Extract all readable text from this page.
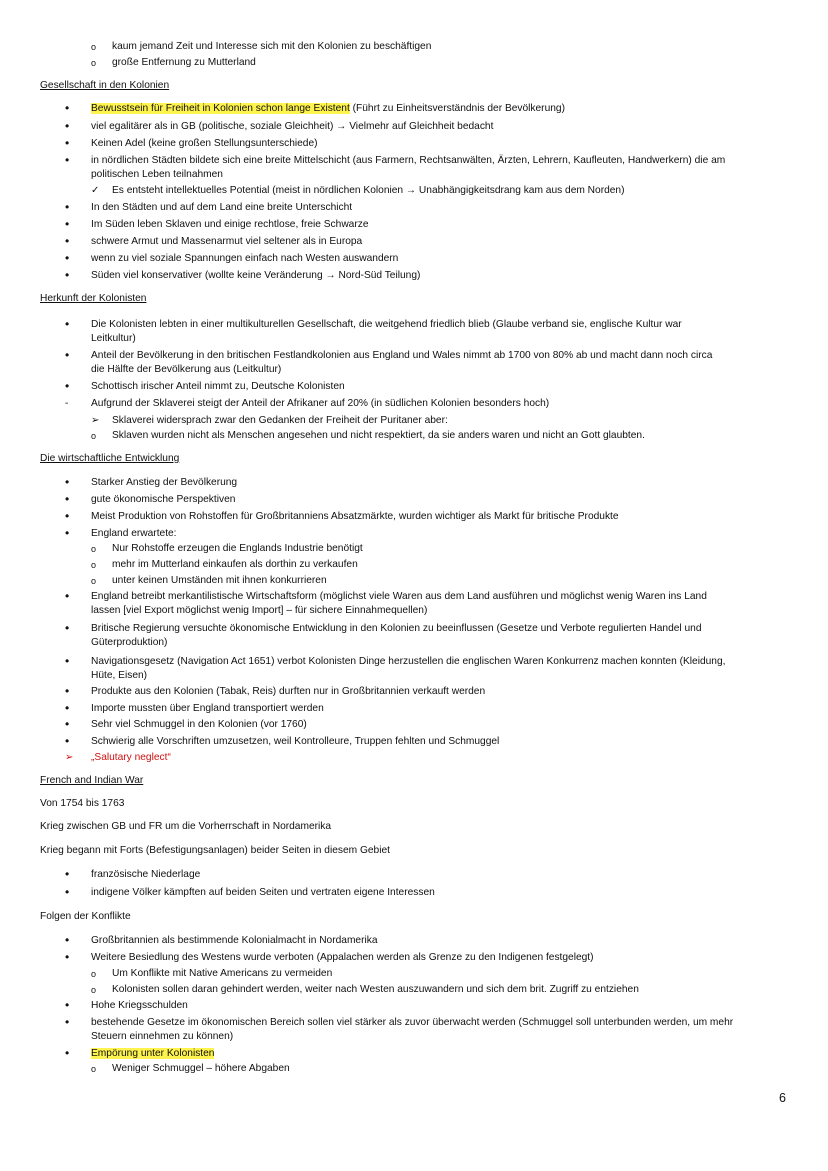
o kaum jemand Zeit und Interesse sich mit den Kolonien zu beschäftigen
o große Entfernung zu Mutterland
Gesellschaft in den Kolonien
• Bewusstsein für Freiheit in Kolonien schon lange Existent (Führt zu Einheitsverständnis der Bevölkerung)
• viel egalitärer als in GB (politische, soziale Gleichheit) → Vielmehr auf Gleichheit bedacht
• Keinen Adel (keine großen Stellungsunterschiede)
• in nördlichen Städten bildete sich eine breite Mittelschicht (aus Farmern, Rechtsanwälten, Ärzten, Lehrern, Kaufleuten, Handwerkern) die am
politischen Leben teilnahmen
✓ Es entsteht intellektuelles Potential (meist in nördlichen Kolonien → Unabhängigkeitsdrang kam aus dem Norden)
• In den Städten und auf dem Land eine breite Unterschicht
• Im Süden leben Sklaven und einige rechtlose, freie Schwarze
• schwere Armut und Massenarmut viel seltener als in Europa
• wenn zu viel soziale Spannungen einfach nach Westen auswandern
• Süden viel konservativer (wollte keine Veränderung → Nord-Süd Teilung)
Herkunft der Kolonisten
• Die Kolonisten lebten in einer multikulturellen Gesellschaft, die weitgehend friedlich blieb (Glaube verband sie, englische Kultur war
Leitkultur)
• Anteil der Bevölkerung in den britischen Festlandkolonien aus England und Wales nimmt ab 1700 von 80% ab und macht dann noch circa
die Hälfte der Bevölkerung aus (Leitkultur)
• Schottisch irischer Anteil nimmt zu, Deutsche Kolonisten
- Aufgrund der Sklaverei steigt der Anteil der Afrikaner auf 20% (in südlichen Kolonien besonders hoch)
➢ Sklaverei widersprach zwar den Gedanken der Freiheit der Puritaner aber:
o Sklaven wurden nicht als Menschen angesehen und nicht respektiert, da sie anders waren und nicht an Gott glaubten.
Die wirtschaftliche Entwicklung
• Starker Anstieg der Bevölkerung
• gute ökonomische Perspektiven
• Meist Produktion von Rohstoffen für Großbritanniens Absatzmärkte, wurden wichtiger als Markt für britische Produkte
• England erwartete:
o Nur Rohstoffe erzeugen die Englands Industrie benötigt
o mehr im Mutterland einkaufen als dorthin zu verkaufen
o unter keinen Umständen mit ihnen konkurrieren
• England betreibt merkantilistische Wirtschaftsform (möglichst viele Waren aus dem Land ausführen und möglichst wenig Waren ins Land
lassen [viel Export möglichst wenig Import] – für sichere Einnahmequellen)
• Britische Regierung versuchte ökonomische Entwicklung in den Kolonien zu beeinflussen (Gesetze und Verbote regulierten Handel und
Güterproduktion)
• Navigationsgesetz (Navigation Act 1651) verbot Kolonisten Dinge herzustellen die englischen Waren Konkurrenz machen konnten (Kleidung,
Hüte, Eisen)
• Produkte aus den Kolonien (Tabak, Reis) durften nur in Großbritannien verkauft werden
• Importe mussten über England transportiert werden
• Sehr viel Schmuggel in den Kolonien (vor 1760)
• Schwierig alle Vorschriften umzusetzen, weil Kontrolleure, Truppen fehlten und Schmuggel
➢ „Salutary neglect“
French and Indian War
Von 1754 bis 1763
Krieg zwischen GB und FR um die Vorherrschaft in Nordamerika
Krieg begann mit Forts (Befestigungsanlagen) beider Seiten in diesem Gebiet
• französische Niederlage
• indigene Völker kämpften auf beiden Seiten und vertraten eigene Interessen
Folgen der Konflikte
• Großbritannien als bestimmende Kolonialmacht in Nordamerika
• Weitere Besiedlung des Westens wurde verboten (Appalachen werden als Grenze zu den Indigenen festgelegt)
o Um Konflikte mit Native Americans zu vermeiden
o Kolonisten sollen daran gehindert werden, weiter nach Westen auszuwandern und sich dem brit. Zugriff zu entziehen
• Hohe Kriegsschulden
• bestehende Gesetze im ökonomischen Bereich sollen viel stärker als zuvor überwacht werden (Schmuggel soll unterbunden werden, um mehr
Steuern einnehmen zu können)
• Empörung unter Kolonisten
o Weniger Schmuggel – höhere Abgaben
6
